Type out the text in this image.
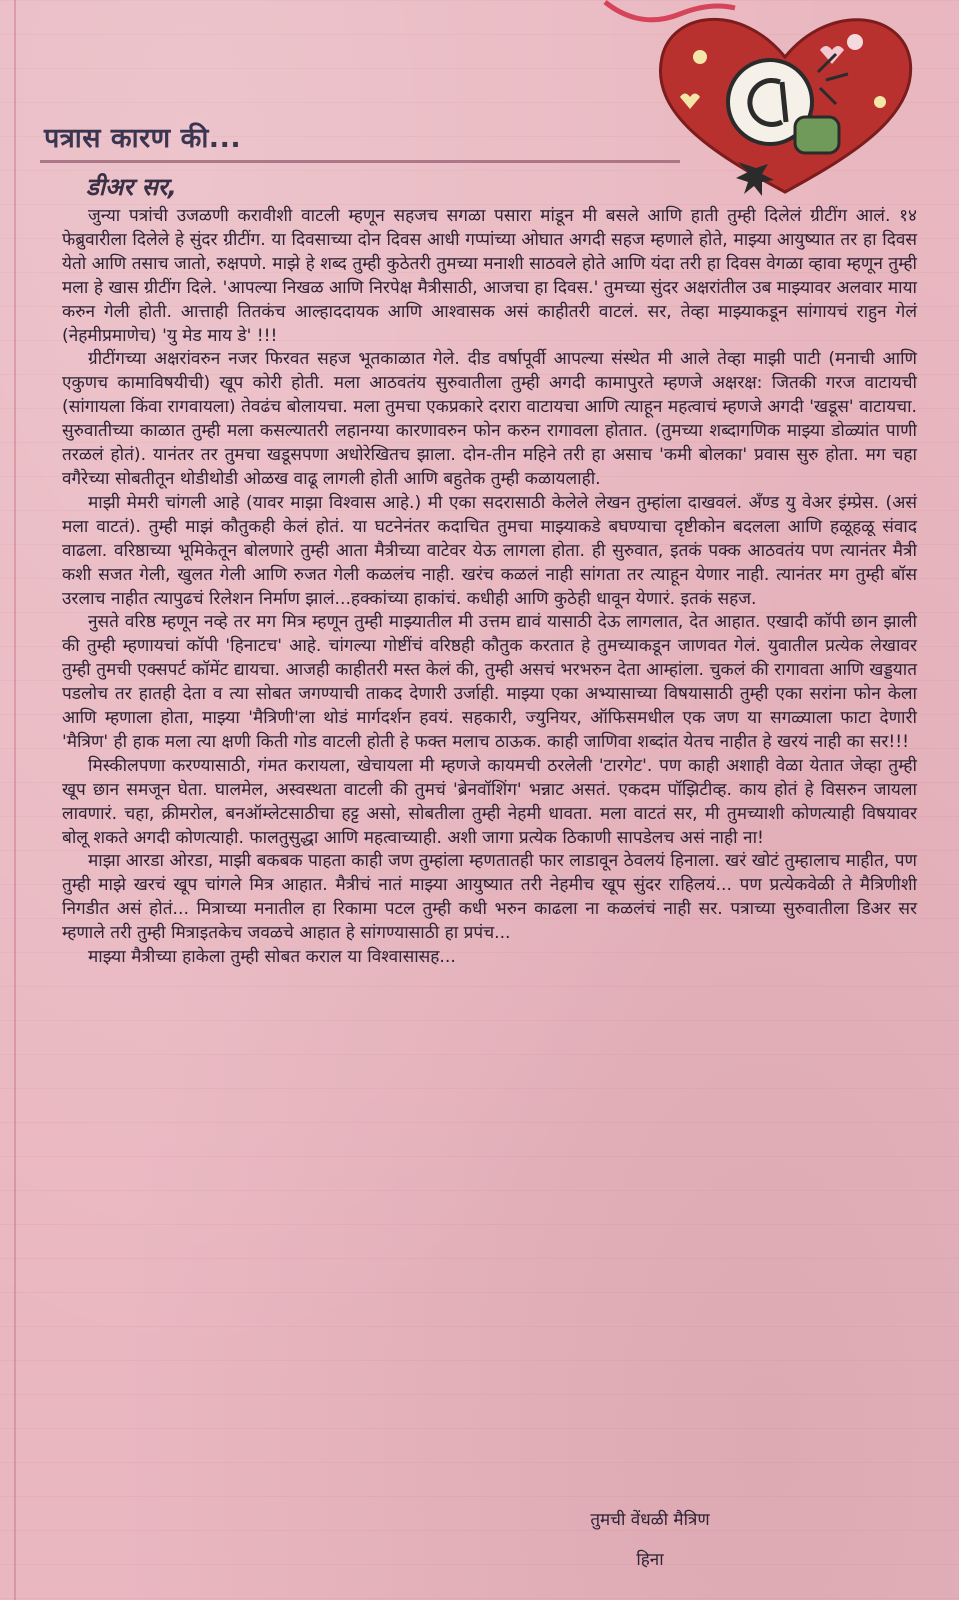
पत्रास कारण की...
डीअर सर,

जुन्या पत्रांची उजळणी करावीशी वाटली म्हणून सहजच सगळा पसारा मांडून मी बसले आणि हाती तुम्ही दिलेलं ग्रीटींग आलं. १४ फेब्रुवारीला दिलेले हे सुंदर ग्रीटींग. या दिवसाच्या दोन दिवस आधी गप्पांच्या ओघात अगदी सहज म्हणाले होते, माझ्या आयुष्यात तर हा दिवस येतो आणि तसाच जातो, रुक्षपणे. माझे हे शब्द तुम्ही कुठेतरी तुमच्या मनाशी साठवले होते आणि यंदा तरी हा दिवस वेगळा व्हावा म्हणून तुम्ही मला हे खास ग्रीटींग दिले. 'आपल्या निखळ आणि निरपेक्ष मैत्रीसाठी, आजचा हा दिवस.' तुमच्या सुंदर अक्षरांतील उब माझ्यावर अलवार माया करुन गेली होती. आत्ताही तितकंच आल्हाददायक आणि आश्वासक असं काहीतरी वाटलं. सर, तेव्हा माझ्याकडून सांगायचं राहुन गेलं (नेहमीप्रमाणेच) 'यु मेड माय डे' !!!

ग्रीटींगच्या अक्षरांवरुन नजर फिरवत सहज भूतकाळात गेले. दीड वर्षापूर्वी आपल्या संस्थेत मी आले तेव्हा माझी पाटी (मनाची आणि एकुणच कामाविषयीची) खूप कोरी होती. मला आठवतंय सुरुवातीला तुम्ही अगदी कामापुरते म्हणजे अक्षरक्ष: जितकी गरज वाटायची (सांगायला किंवा रागवायला) तेवढंच बोलायचा. मला तुमचा एकप्रकारे दरारा वाटायचा आणि त्याहून महत्वाचं म्हणजे अगदी 'खडूस' वाटायचा. सुरुवातीच्या काळात तुम्ही मला कसल्यातरी लहानग्या कारणावरुन फोन करुन रागावला होतात. (तुमच्या शब्दागणिक माझ्या डोळ्यांत पाणी तरळलं होतं). यानंतर तर तुमचा खडूसपणा अधोरेखितच झाला. दोन-तीन महिने तरी हा असाच 'कमी बोलका' प्रवास सुरु होता. मग चहा वगैरेच्या सोबतीतून थोडीथोडी ओळख वाढू लागली होती आणि बहुतेक तुम्ही कळायलाही.

माझी मेमरी चांगली आहे (यावर माझा विश्वास आहे.) मी एका सदरासाठी केलेले लेखन तुम्हांला दाखवलं. अँण्ड यु वेअर इंम्प्रेस. (असं मला वाटतं). तुम्ही माझं कौतुकही केलं होतं. या घटनेनंतर कदाचित तुमचा माझ्याकडे बघण्याचा दृष्टीकोन बदलला आणि हळूहळू संवाद वाढला. वरिष्ठाच्या भूमिकेतून बोलणारे तुम्ही आता मैत्रीच्या वाटेवर येऊ लागला होता. ही सुरुवात, इतकं पक्क आठवतंय पण त्यानंतर मैत्री कशी सजत गेली, खुलत गेली आणि रुजत गेली कळलंच नाही. खरंच कळलं नाही सांगता तर त्याहून येणार नाही. त्यानंतर मग तुम्ही बॉस उरलाच नाहीत त्यापुढचं रिलेशन निर्माण झालं...हक्कांच्या हाकांचं. कधीही आणि कुठेही धावून येणारं. इतकं सहज.

नुसते वरिष्ठ म्हणून नव्हे तर मग मित्र म्हणून तुम्ही माझ्यातील मी उत्तम द्यावं यासाठी देऊ लागलात, देत आहात. एखादी कॉपी छान झाली की तुम्ही म्हणायचां कॉपी 'हिनाटच' आहे. चांगल्या गोष्टींचं वरिष्ठही कौतुक करतात हे तुमच्याकडून जाणवत गेलं. युवातील प्रत्येक लेखावर तुम्ही तुमची एक्सपर्ट कॉमेंट द्यायचा. आजही काहीतरी मस्त केलं की, तुम्ही असचं भरभरुन देता आम्हांला. चुकलं की रागावता आणि खड्डयात पडलोच तर हातही देता व त्या सोबत जगण्याची ताकद देणारी उर्जाही. माझ्या एका अभ्यासाच्या विषयासाठी तुम्ही एका सरांना फोन केला आणि म्हणाला होता, माझ्या 'मैत्रिणी'ला थोडं मार्गदर्शन हवयं. सहकारी, ज्युनियर, ऑफिसमधील एक जण या सगळ्याला फाटा देणारी 'मैत्रिण' ही हाक मला त्या क्षणी किती गोड वाटली होती हे फक्त मलाच ठाऊक. काही जाणिवा शब्दांत येतच नाहीत हे खरयं नाही का सर!!!

मिस्कीलपणा करण्यासाठी, गंमत करायला, खेचायला मी म्हणजे कायमची ठरलेली 'टारगेट'. पण काही अशाही वेळा येतात जेव्हा तुम्ही खूप छान समजून घेता. घालमेल, अस्वस्थता वाटली की तुमचं 'ब्रेनवॉशिंग' भन्नाट असतं. एकदम पॉझिटीव्ह. काय होतं हे विसरुन जायला लावणारं. चहा, क्रीमरोल, बनऑम्लेटसाठीचा हट्ट असो, सोबतीला तुम्ही नेहमी धावता. मला वाटतं सर, मी तुमच्याशी कोणत्याही विषयावर बोलू शकते अगदी कोणत्याही. फालतुसुद्धा आणि महत्वाच्याही. अशी जागा प्रत्येक ठिकाणी सापडेलच असं नाही ना!

माझा आरडा ओरडा, माझी बकबक पाहता काही जण तुम्हांला म्हणतातही फार लाडावून ठेवलयं हिनाला. खरं खोटं तुम्हालाच माहीत, पण तुम्ही माझे खरचं खूप चांगले मित्र आहात. मैत्रीचं नातं माझ्या आयुष्यात तरी नेहमीच खूप सुंदर राहिलयं... पण प्रत्येकवेळी ते मैत्रिणीशी निगडीत असं होतं... मित्राच्या मनातील हा रिकामा पटल तुम्ही कधी भरुन काढला ना कळलंचं नाही सर. पत्राच्या सुरुवातीला डिअर सर म्हणाले तरी तुम्ही मित्राइतकेच जवळचे आहात हे सांगण्यासाठी हा प्रपंच...

माझ्या मैत्रीच्या हाकेला तुम्ही सोबत कराल या विश्वासासह...

तुमची वेंधळी मैत्रिण
हिना
